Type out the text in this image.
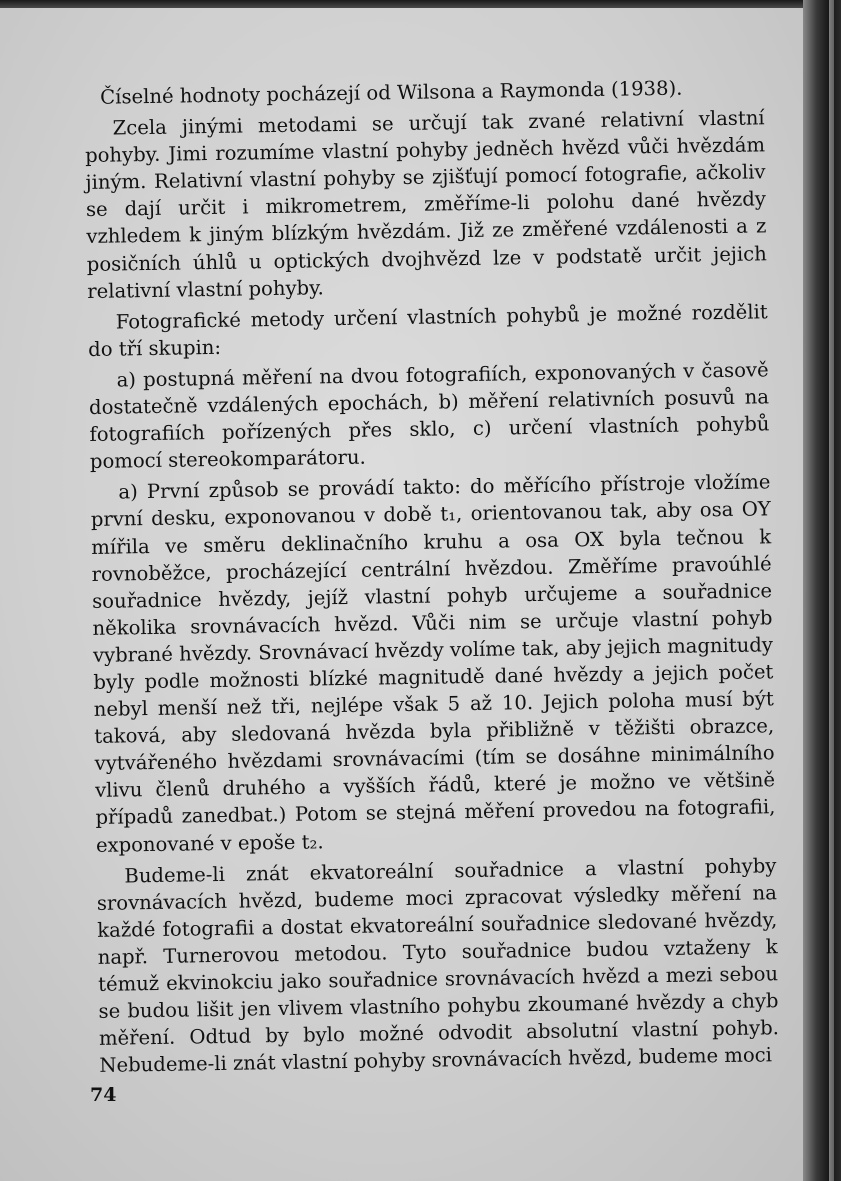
Číselné hodnoty pocházejí od Wilsona a Raymonda (1938).

Zcela jinými metodami se určují tak zvané relativní vlastní pohyby. Jimi rozumíme vlastní pohyby jedněch hvězd vůči hvězdám jiným. Relativní vlastní pohyby se zjišťují pomocí fotografie, ačkoliv se dají určit i mikrometrem, změříme-li polohu dané hvězdy vzhledem k jiným blízkým hvězdám. Již ze změřené vzdálenosti a z posičních úhlů u optických dvojhvězd lze v podstatě určit jejich relativní vlastní pohyby.

Fotografické metody určení vlastních pohybů je možné rozdělit do tří skupin:

a) postupná měření na dvou fotografiích, exponovaných v časově dostatečně vzdálených epochách, b) měření relativních posuvů na fotografiích pořízených přes sklo, c) určení vlastních pohybů pomocí stereokomparátoru.

a) První způsob se provádí takto: do měřícího přístroje vložíme první desku, exponovanou v době t₁, orientovanou tak, aby osa OY mířila ve směru deklinačního kruhu a osa OX byla tečnou k rovnoběžce, procházející centrální hvězdou. Změříme pravoúhlé souřadnice hvězdy, jejíž vlastní pohyb určujeme a souřadnice několika srovnávacích hvězd. Vůči nim se určuje vlastní pohyb vybrané hvězdy. Srovnávací hvězdy volíme tak, aby jejich magnitudy byly podle možnosti blízké magnitudě dané hvězdy a jejich počet nebyl menší než tři, nejlépe však 5 až 10. Jejich poloha musí být taková, aby sledovaná hvězda byla přibližně v těžišti obrazce, vytvářeného hvězdami srovnávacími (tím se dosáhne minimálního vlivu členů druhého a vyšších řádů, které je možno ve většině případů zanedbat.) Potom se stejná měření provedou na fotografii, exponované v epoše t₂.

Budeme-li znát ekvatoreální souřadnice a vlastní pohyby srovnávacích hvězd, budeme moci zpracovat výsledky měření na každé fotografii a dostat ekvatoreální souřadnice sledované hvězdy, např. Turnerovou metodou. Tyto souřadnice budou vztaženy k témuž ekvinokciu jako souřadnice srovnávacích hvězd a mezi sebou se budou lišit jen vlivem vlastního pohybu zkoumané hvězdy a chyb měření. Odtud by bylo možné odvodit absolutní vlastní pohyb. Nebudeme-li znát vlastní pohyby srovnávacích hvězd, budeme moci

74
